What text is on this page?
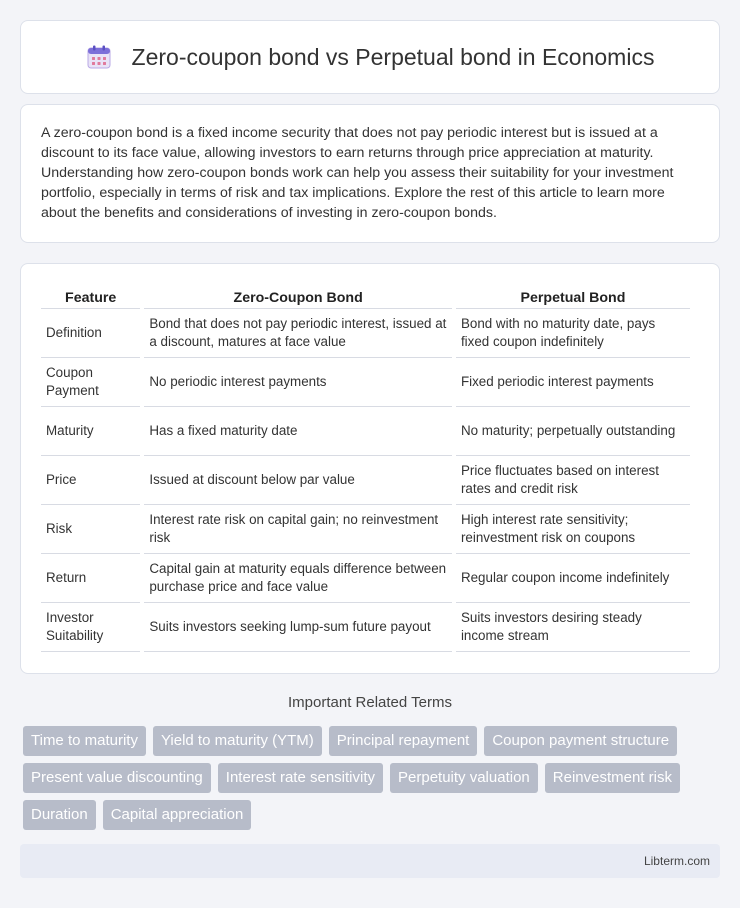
Zero-coupon bond vs Perpetual bond in Economics

A zero-coupon bond is a fixed income security that does not pay periodic interest but is issued at a discount to its face value, allowing investors to earn returns through price appreciation at maturity. Understanding how zero-coupon bonds work can help you assess their suitability for your investment portfolio, especially in terms of risk and tax implications. Explore the rest of this article to learn more about the benefits and considerations of investing in zero-coupon bonds.

Feature	Zero-Coupon Bond	Perpetual Bond
Definition	Bond that does not pay periodic interest, issued at a discount, matures at face value	Bond with no maturity date, pays fixed coupon indefinitely
Coupon Payment	No periodic interest payments	Fixed periodic interest payments
Maturity	Has a fixed maturity date	No maturity; perpetually outstanding
Price	Issued at discount below par value	Price fluctuates based on interest rates and credit risk
Risk	Interest rate risk on capital gain; no reinvestment risk	High interest rate sensitivity; reinvestment risk on coupons
Return	Capital gain at maturity equals difference between purchase price and face value	Regular coupon income indefinitely
Investor Suitability	Suits investors seeking lump-sum future payout	Suits investors desiring steady income stream
Important Related Terms
Time to maturity	Yield to maturity (YTM)	Principal repayment	Coupon payment structure
Present value discounting	Interest rate sensitivity	Perpetuity valuation	Reinvestment risk
Duration	Capital appreciation
Libterm.com
